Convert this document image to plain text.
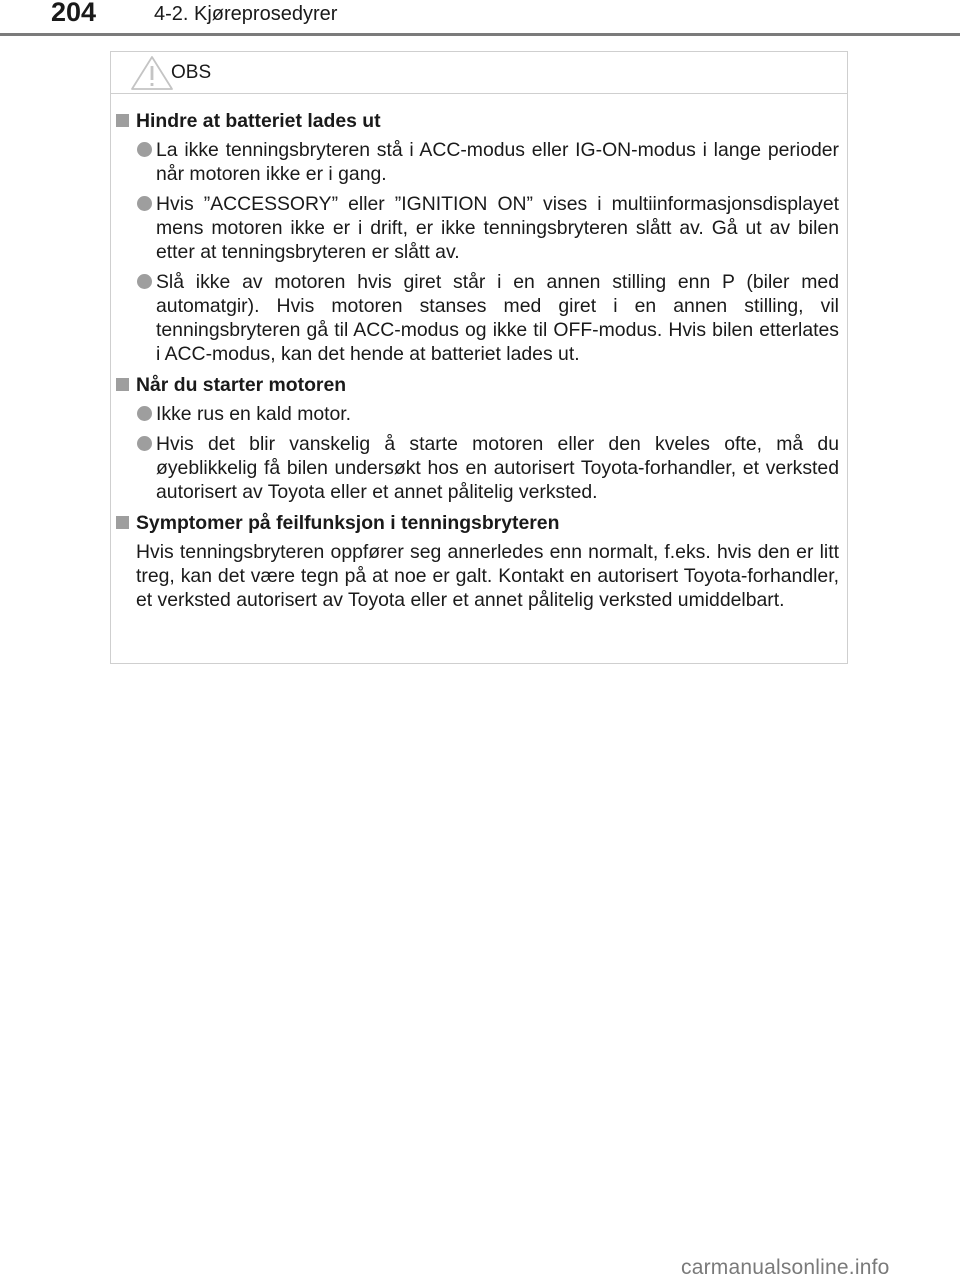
204	4-2. Kjøreprosedyrer
OBS
Hindre at batteriet lades ut
La ikke tenningsbryteren stå i ACC-modus eller IG-ON-modus i lange perioder når motoren ikke er i gang.
Hvis ”ACCESSORY” eller ”IGNITION ON” vises i multiinformasjonsdisplayet mens motoren ikke er i drift, er ikke tenningsbryteren slått av. Gå ut av bilen etter at tenningsbryteren er slått av.
Slå ikke av motoren hvis giret står i en annen stilling enn P (biler med automatgir). Hvis motoren stanses med giret i en annen stilling, vil tenningsbryteren gå til ACC-modus og ikke til OFF-modus. Hvis bilen etterlates i ACC-modus, kan det hende at batteriet lades ut.
Når du starter motoren
Ikke rus en kald motor.
Hvis det blir vanskelig å starte motoren eller den kveles ofte, må du øyeblikkelig få bilen undersøkt hos en autorisert Toyota-forhandler, et verksted autorisert av Toyota eller et annet pålitelig verksted.
Symptomer på feilfunksjon i tenningsbryteren
Hvis tenningsbryteren oppfører seg annerledes enn normalt, f.eks. hvis den er litt treg, kan det være tegn på at noe er galt. Kontakt en autorisert Toyota-forhandler, et verksted autorisert av Toyota eller et annet pålitelig verksted umiddelbart.
carmanualsonline.info
